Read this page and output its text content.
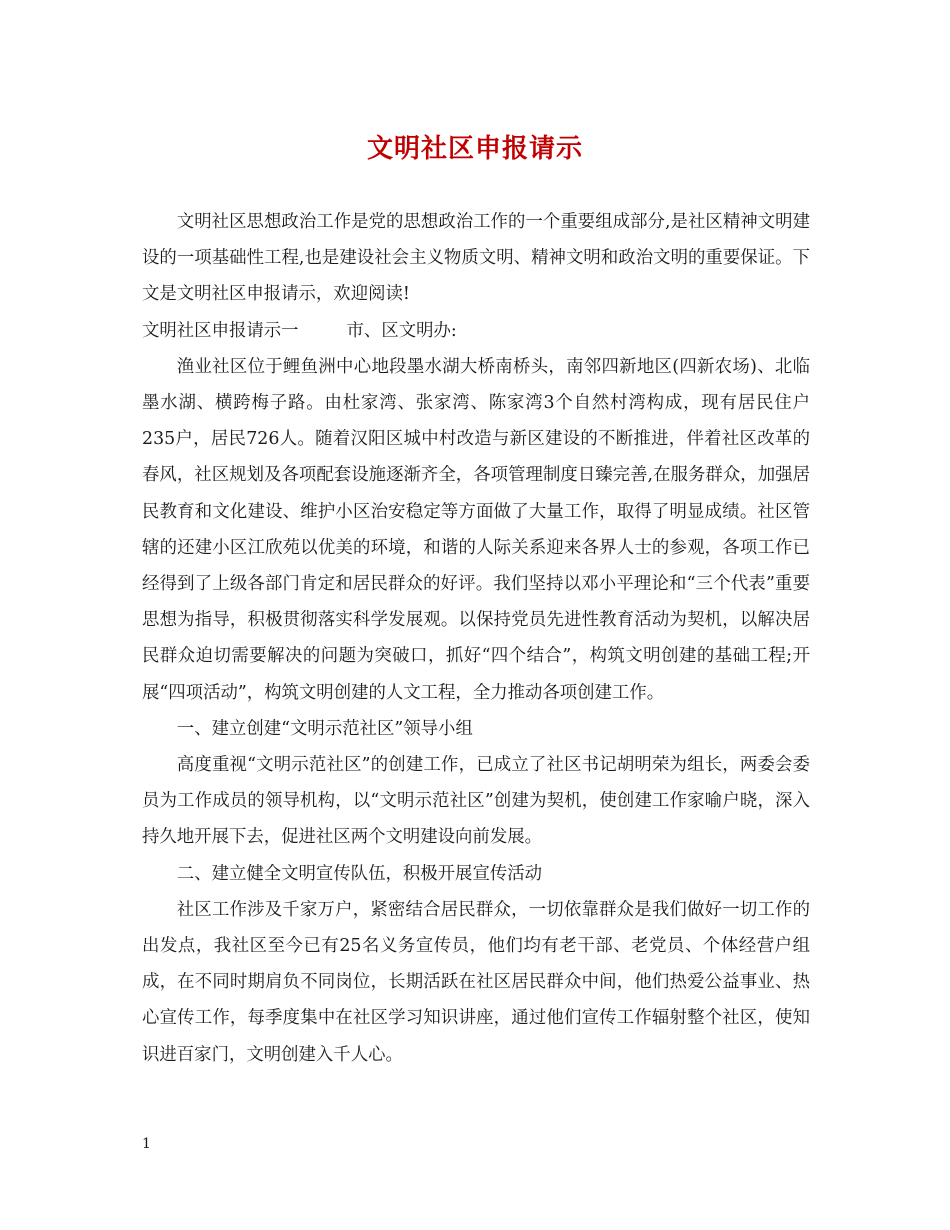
文明社区申报请示

文明社区思想政治工作是党的思想政治工作的一个重要组成部分,是社区精神文明建设的一项基础性工程,也是建设社会主义物质文明、精神文明和政治文明的重要保证。下文是文明社区申报请示，欢迎阅读!

文明社区申报请示一	市、区文明办:

渔业社区位于鲤鱼洲中心地段墨水湖大桥南桥头，南邻四新地区(四新农场)、北临墨水湖、横跨梅子路。由杜家湾、张家湾、陈家湾3个自然村湾构成，现有居民住户235户，居民726人。随着汉阳区城中村改造与新区建设的不断推进，伴着社区改革的春风，社区规划及各项配套设施逐渐齐全，各项管理制度日臻完善,在服务群众，加强居民教育和文化建设、维护小区治安稳定等方面做了大量工作，取得了明显成绩。社区管辖的还建小区江欣苑以优美的环境，和谐的人际关系迎来各界人士的参观，各项工作已经得到了上级各部门肯定和居民群众的好评。我们坚持以邓小平理论和“三个代表”重要思想为指导，积极贯彻落实科学发展观。以保持党员先进性教育活动为契机，以解决居民群众迫切需要解决的问题为突破口，抓好“四个结合”，构筑文明创建的基础工程;开展“四项活动”，构筑文明创建的人文工程，全力推动各项创建工作。

一、建立创建“文明示范社区”领导小组

高度重视“文明示范社区”的创建工作，已成立了社区书记胡明荣为组长，两委会委员为工作成员的领导机构，以“文明示范社区”创建为契机，使创建工作家喻户晓，深入持久地开展下去，促进社区两个文明建设向前发展。

二、建立健全文明宣传队伍，积极开展宣传活动

社区工作涉及千家万户，紧密结合居民群众，一切依靠群众是我们做好一切工作的出发点，我社区至今已有25名义务宣传员，他们均有老干部、老党员、个体经营户组成，在不同时期肩负不同岗位，长期活跃在社区居民群众中间，他们热爱公益事业、热心宣传工作，每季度集中在社区学习知识讲座，通过他们宣传工作辐射整个社区，使知识进百家门，文明创建入千人心。

1
